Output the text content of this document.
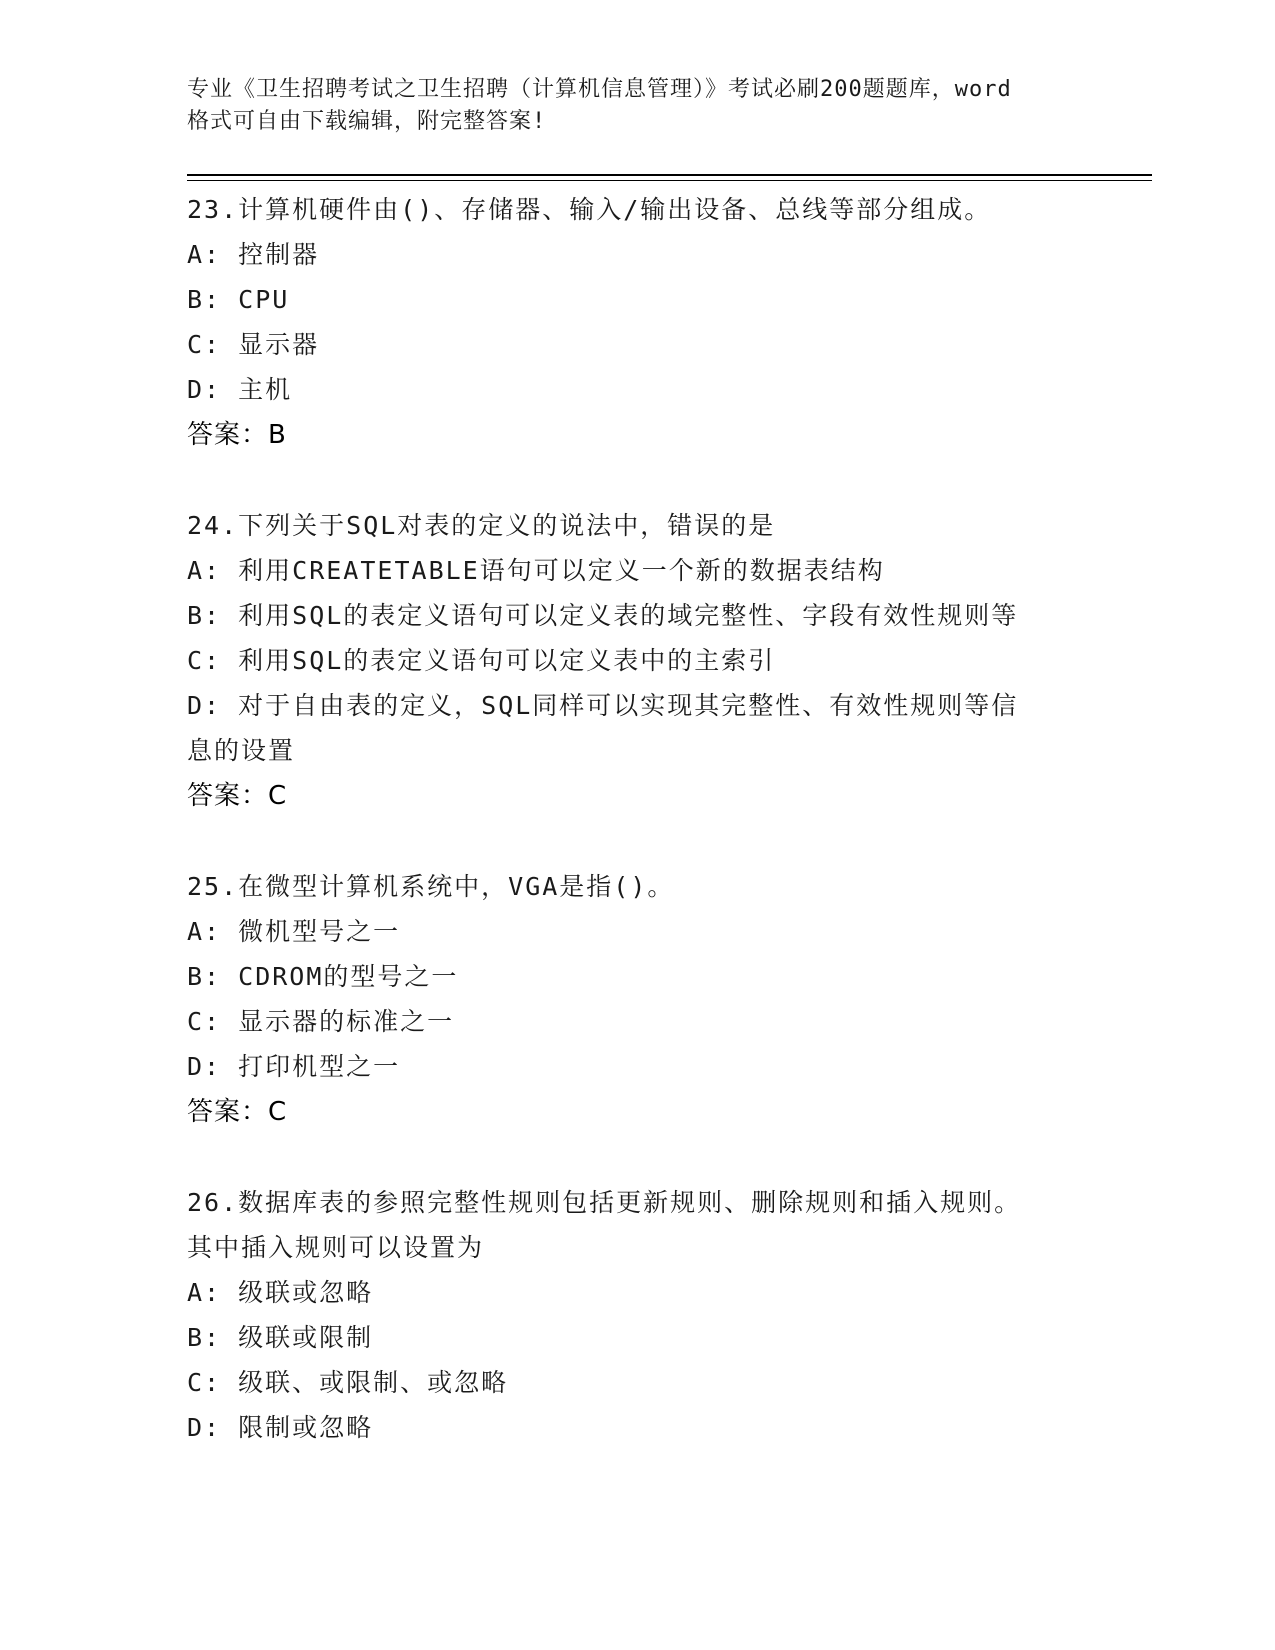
专业《卫生招聘考试之卫生招聘（计算机信息管理）》考试必刷200题题库，word
格式可自由下载编辑，附完整答案!
23.计算机硬件由()、存储器、输入/输出设备、总线等部分组成。
A: 控制器
B: CPU
C: 显示器
D: 主机
答案：B
24.下列关于SQL对表的定义的说法中，错误的是
A: 利用CREATETABLE语句可以定义一个新的数据表结构
B: 利用SQL的表定义语句可以定义表的域完整性、字段有效性规则等
C: 利用SQL的表定义语句可以定义表中的主索引
D: 对于自由表的定义，SQL同样可以实现其完整性、有效性规则等信
息的设置
答案：C
25.在微型计算机系统中，VGA是指()。
A: 微机型号之一
B: CDROM的型号之一
C: 显示器的标准之一
D: 打印机型之一
答案：C
26.数据库表的参照完整性规则包括更新规则、删除规则和插入规则。
其中插入规则可以设置为
A: 级联或忽略
B: 级联或限制
C: 级联、或限制、或忽略
D: 限制或忽略
